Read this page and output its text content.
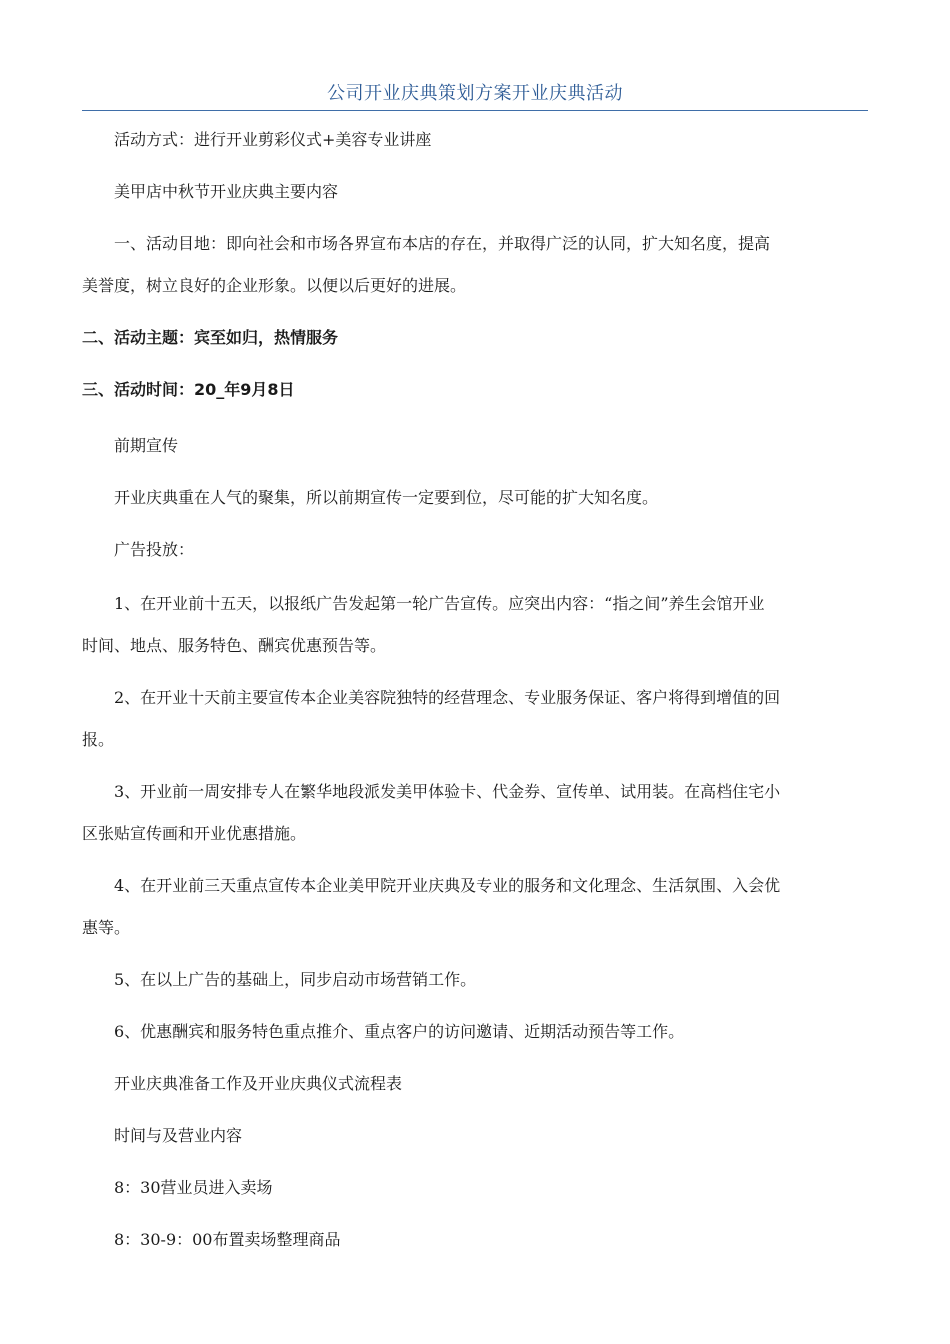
公司开业庆典策划方案开业庆典活动

活动方式：进行开业剪彩仪式+美容专业讲座

美甲店中秋节开业庆典主要内容

一、活动目地：即向社会和市场各界宣布本店的存在，并取得广泛的认同，扩大知名度，提高

美誉度，树立良好的企业形象。以便以后更好的进展。

二、活动主题：宾至如归，热情服务

三、活动时间：20_年9月8日

前期宣传

开业庆典重在人气的聚集，所以前期宣传一定要到位，尽可能的扩大知名度。

广告投放：

1、在开业前十五天，以报纸广告发起第一轮广告宣传。应突出内容：“指之间”养生会馆开业

时间、地点、服务特色、酬宾优惠预告等。

2、在开业十天前主要宣传本企业美容院独特的经营理念、专业服务保证、客户将得到增值的回

报。

3、开业前一周安排专人在繁华地段派发美甲体验卡、代金券、宣传单、试用装。在高档住宅小

区张贴宣传画和开业优惠措施。

4、在开业前三天重点宣传本企业美甲院开业庆典及专业的服务和文化理念、生活氛围、入会优

惠等。

5、在以上广告的基础上，同步启动市场营销工作。

6、优惠酬宾和服务特色重点推介、重点客户的访问邀请、近期活动预告等工作。

开业庆典准备工作及开业庆典仪式流程表

时间与及营业内容

8：30营业员进入卖场

8：30-9：00布置卖场整理商品
